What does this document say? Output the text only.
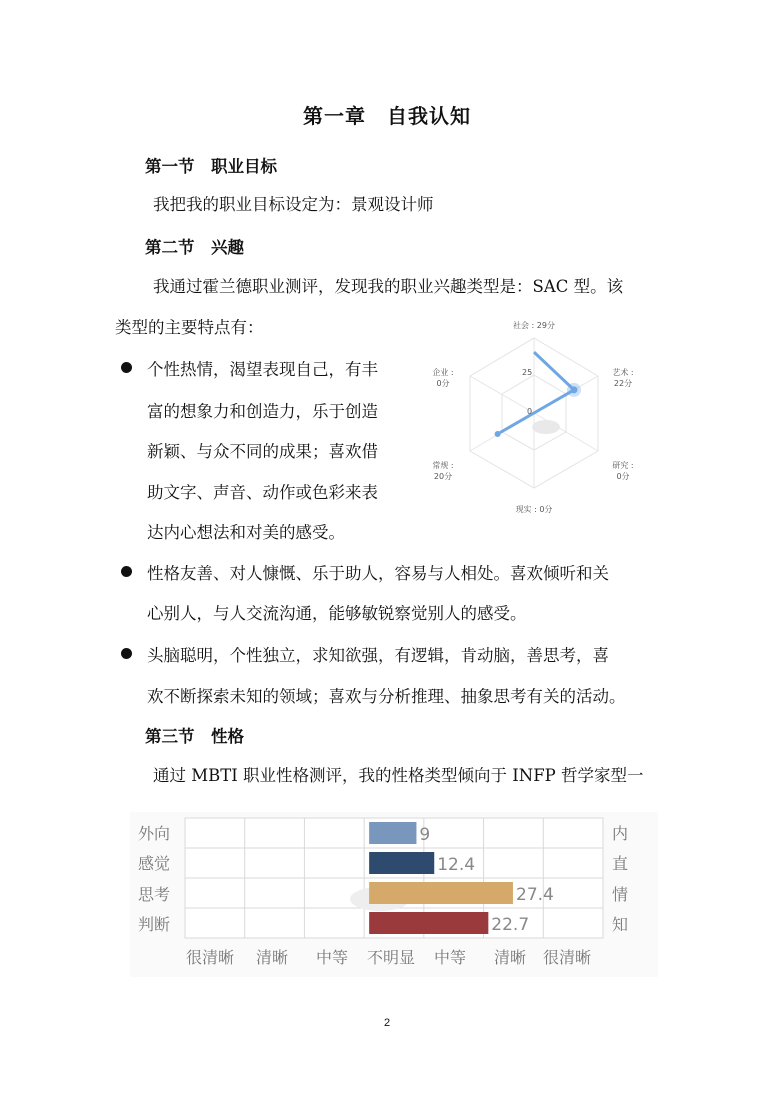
第一章　自我认知
第一节　职业目标
我把我的职业目标设定为：景观设计师
第二节　兴趣
我通过霍兰德职业测评，发现我的职业兴趣类型是：SAC 型。该
类型的主要特点有：
个性热情，渴望表现自己，有丰
富的想象力和创造力，乐于创造
新颖、与众不同的成果；喜欢借
助文字、声音、动作或色彩来表
达内心想法和对美的感受。
25
0
社会 : 29分
艺术 :
22分
研究 :
0分
现实 : 0分
常规 :
20分
企业 :
0分
性格友善、对人慷慨、乐于助人，容易与人相处。喜欢倾听和关
心别人，与人交流沟通，能够敏锐察觉别人的感受。
头脑聪明，个性独立，求知欲强，有逻辑，肯动脑，善思考，喜
欢不断探索未知的领域；喜欢与分析推理、抽象思考有关的活动。
第三节　性格
通过 MBTI 职业性格测评，我的性格类型倾向于 INFP 哲学家型一
9
12.4
27.4
22.7
外向
感觉
思考
判断
内
直
情
知
很清晰 清晰 中等 不明显 中等 清晰 很清晰
2
